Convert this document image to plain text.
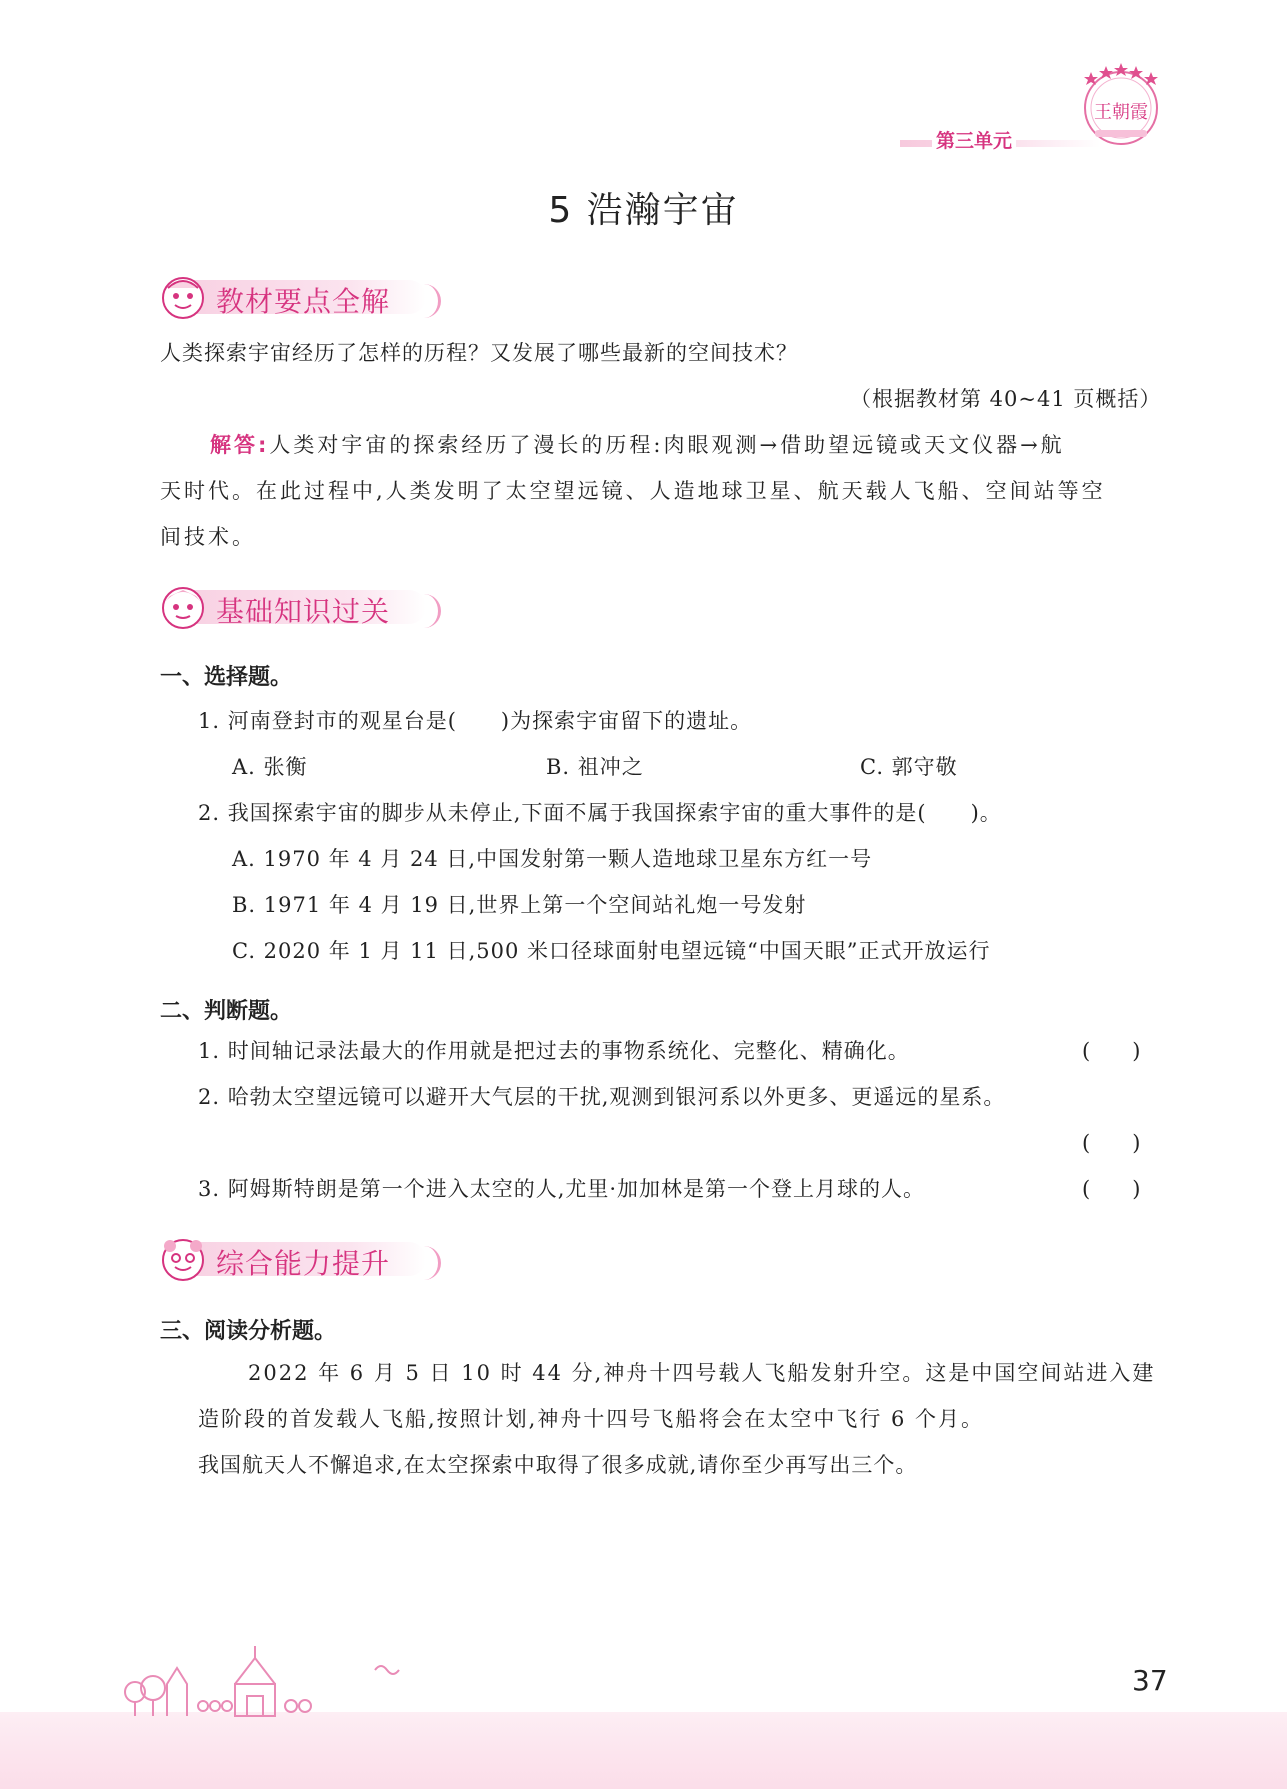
第三单元
王朝霞
5 浩瀚宇宙
教材要点全解
人类探索宇宙经历了怎样的历程？又发展了哪些最新的空间技术？
（根据教材第 40~41 页概括）
解答:人类对宇宙的探索经历了漫长的历程:肉眼观测→借助望远镜或天文仪器→航
天时代。在此过程中,人类发明了太空望远镜、人造地球卫星、航天载人飞船、空间站等空
间技术。
基础知识过关
一、选择题。
1. 河南登封市的观星台是(　　)为探索宇宙留下的遗址。
A. 张衡	B. 祖冲之	C. 郭守敬
2. 我国探索宇宙的脚步从未停止,下面不属于我国探索宇宙的重大事件的是(　　)。
A. 1970 年 4 月 24 日,中国发射第一颗人造地球卫星东方红一号
B. 1971 年 4 月 19 日,世界上第一个空间站礼炮一号发射
C. 2020 年 1 月 11 日,500 米口径球面射电望远镜“中国天眼”正式开放运行
二、判断题。
1. 时间轴记录法最大的作用就是把过去的事物系统化、完整化、精确化。	(　　)
2. 哈勃太空望远镜可以避开大气层的干扰,观测到银河系以外更多、更遥远的星系。
(　　)
3. 阿姆斯特朗是第一个进入太空的人,尤里·加加林是第一个登上月球的人。	(　　)
综合能力提升
三、阅读分析题。
2022 年 6 月 5 日 10 时 44 分,神舟十四号载人飞船发射升空。这是中国空间站进入建
造阶段的首发载人飞船,按照计划,神舟十四号飞船将会在太空中飞行 6 个月。
我国航天人不懈追求,在太空探索中取得了很多成就,请你至少再写出三个。
37
